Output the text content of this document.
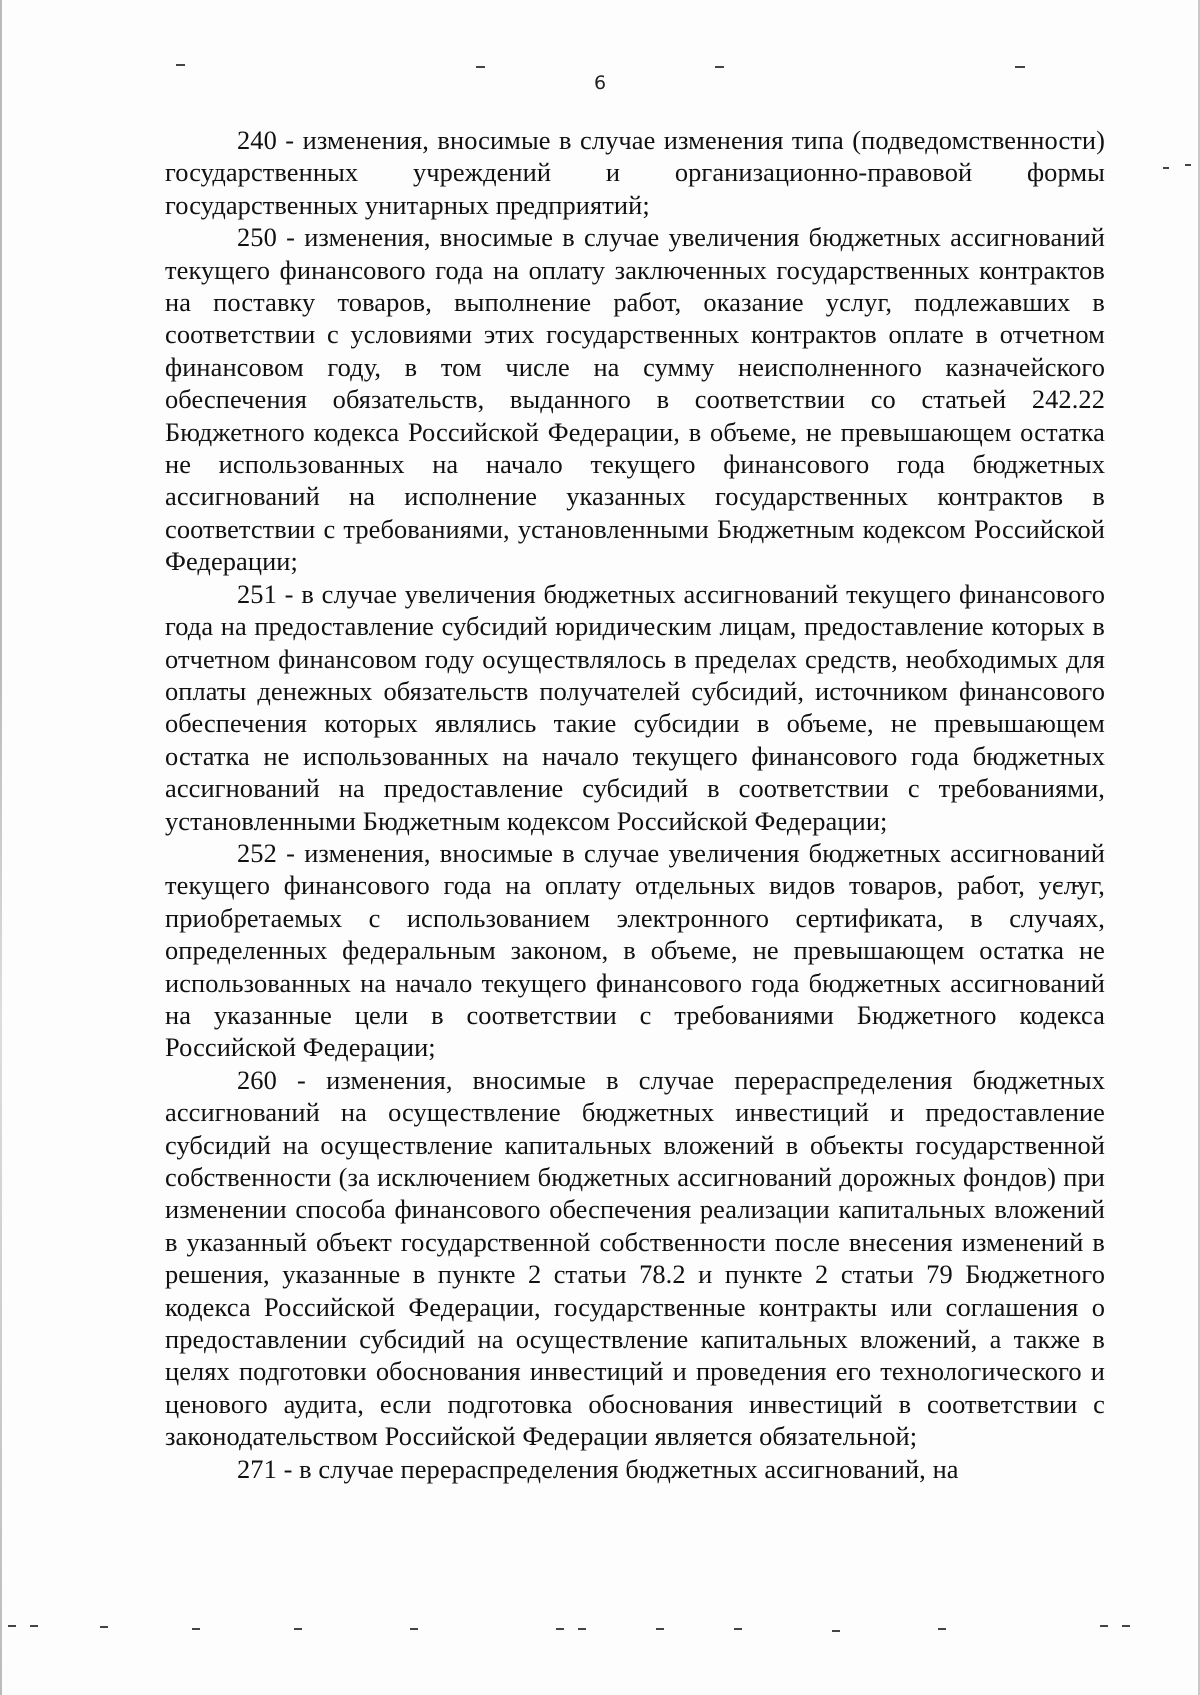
6

240 - изменения, вносимые в случае изменения типа (подведомственности) государственных учреждений и организационно-правовой формы государственных унитарных предприятий;

250 - изменения, вносимые в случае увеличения бюджетных ассигнований текущего финансового года на оплату заключенных государственных контрактов на поставку товаров, выполнение работ, оказание услуг, подлежавших в соответствии с условиями этих государственных контрактов оплате в отчетном финансовом году, в том числе на сумму неисполненного казначейского обеспечения обязательств, выданного в соответствии со статьей 242.22 Бюджетного кодекса Российской Федерации, в объеме, не превышающем остатка не использованных на начало текущего финансового года бюджетных ассигнований на исполнение указанных государственных контрактов в соответствии с требованиями, установленными Бюджетным кодексом Российской Федерации;

251 - в случае увеличения бюджетных ассигнований текущего финансового года на предоставление субсидий юридическим лицам, предоставление которых в отчетном финансовом году осуществлялось в пределах средств, необходимых для оплаты денежных обязательств получателей субсидий, источником финансового обеспечения которых являлись такие субсидии в объеме, не превышающем остатка не использованных на начало текущего финансового года бюджетных ассигнований на предоставление субсидий в соответствии с требованиями, установленными Бюджетным кодексом Российской Федерации;

252 - изменения, вносимые в случае увеличения бюджетных ассигнований текущего финансового года на оплату отдельных видов товаров, работ, услуг, приобретаемых с использованием электронного сертификата, в случаях, определенных федеральным законом, в объеме, не превышающем остатка не использованных на начало текущего финансового года бюджетных ассигнований на указанные цели в соответствии с требованиями Бюджетного кодекса Российской Федерации;

260 - изменения, вносимые в случае перераспределения бюджетных ассигнований на осуществление бюджетных инвестиций и предоставление субсидий на осуществление капитальных вложений в объекты государственной собственности (за исключением бюджетных ассигнований дорожных фондов) при изменении способа финансового обеспечения реализации капитальных вложений в указанный объект государственной собственности после внесения изменений в решения, указанные в пункте 2 статьи 78.2 и пункте 2 статьи 79 Бюджетного кодекса Российской Федерации, государственные контракты или соглашения о предоставлении субсидий на осуществление капитальных вложений, а также в целях подготовки обоснования инвестиций и проведения его технологического и ценового аудита, если подготовка обоснования инвестиций в соответствии с законодательством Российской Федерации является обязательной;

271 - в случае перераспределения бюджетных ассигнований, на
